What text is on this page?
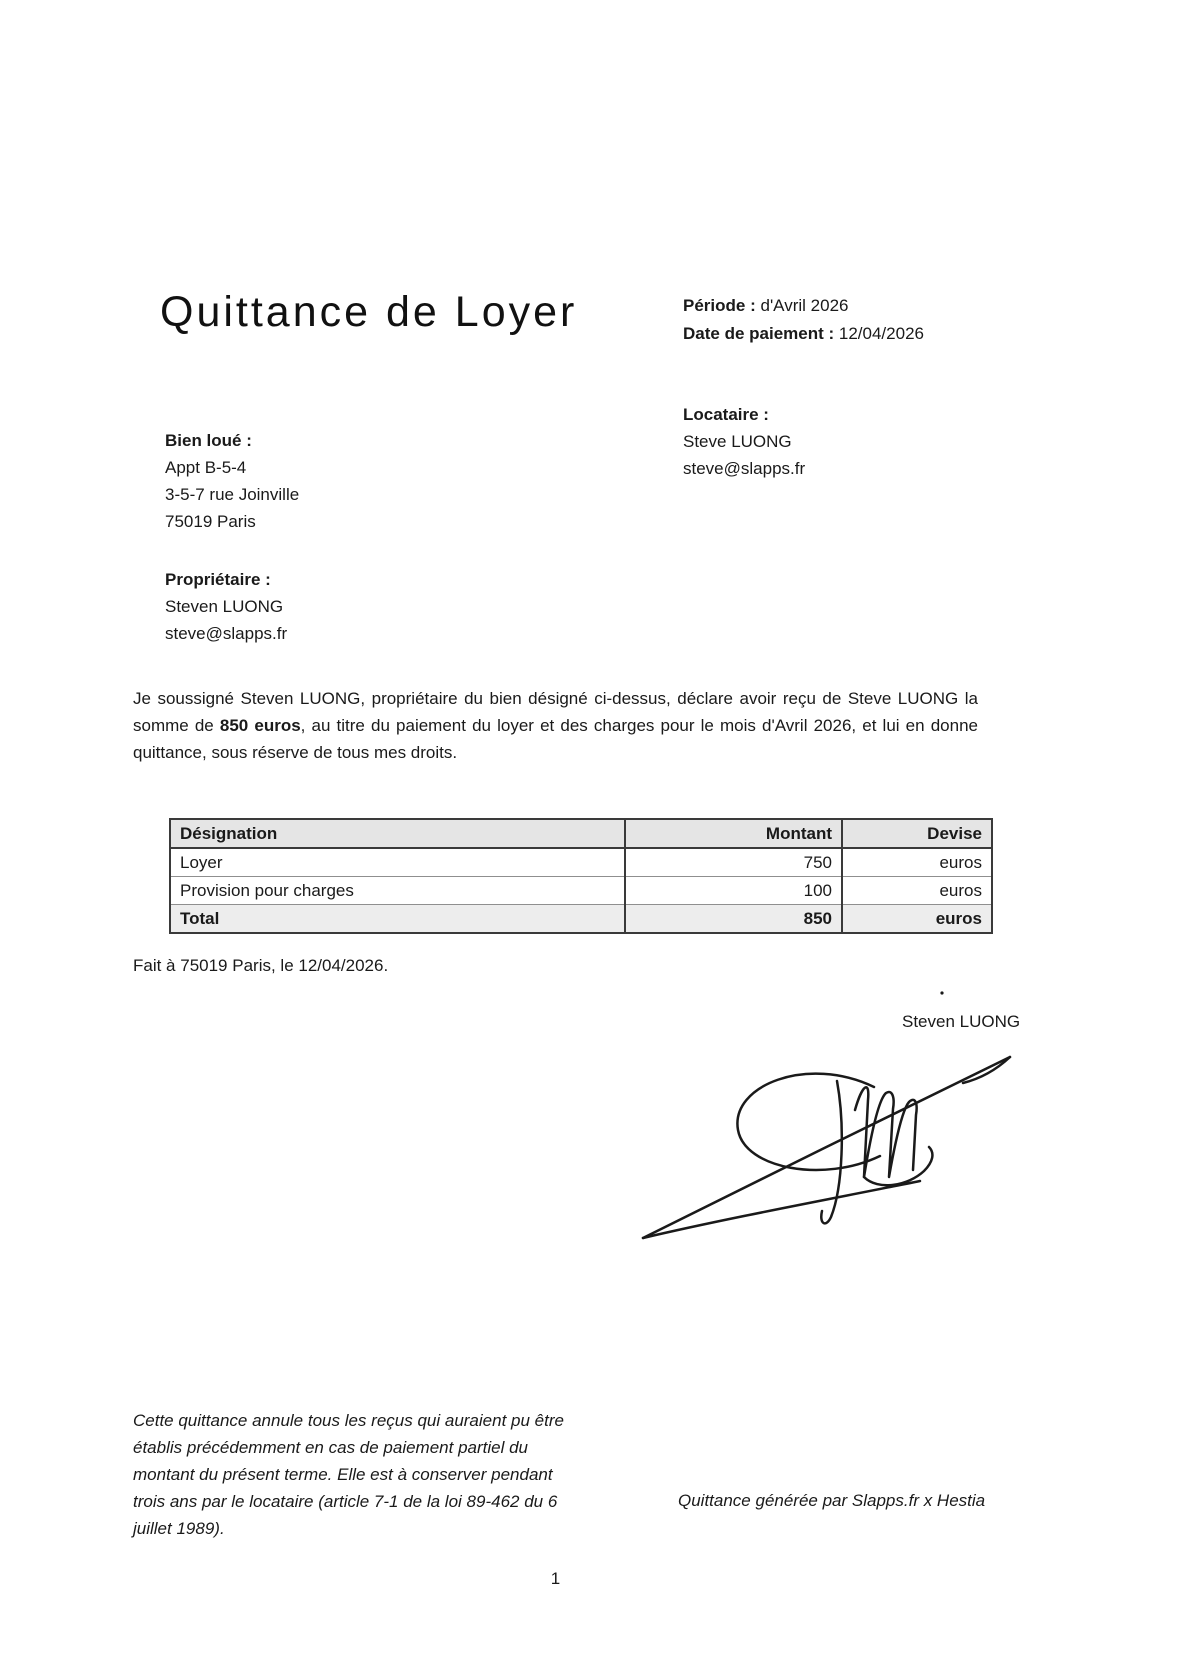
Quittance de Loyer	Période : d'Avril 2026
Date de paiement : 12/04/2026
Locataire :
Steve LUONG
steve@slapps.fr
Bien loué :
Appt B-5-4
3-5-7 rue Joinville
75019 Paris
Propriétaire :
Steven LUONG
steve@slapps.fr

Je soussigné Steven LUONG, propriétaire du bien désigné ci-dessus, déclare avoir reçu de Steve LUONG la somme de 850 euros, au titre du paiement du loyer et des charges pour le mois d'Avril 2026, et lui en donne quittance, sous réserve de tous mes droits.

Désignation	Montant	Devise
Loyer	750	euros
Provision pour charges	100	euros
Total	850	euros
Fait à 75019 Paris, le 12/04/2026.
Steven LUONG

Cette quittance annule tous les reçus qui auraient pu être établis précédemment en cas de paiement partiel du montant du présent terme. Elle est à conserver pendant trois ans par le locataire (article 7-1 de la loi 89-462 du 6 juillet 1989).

Quittance générée par Slapps.fr x Hestia
1
